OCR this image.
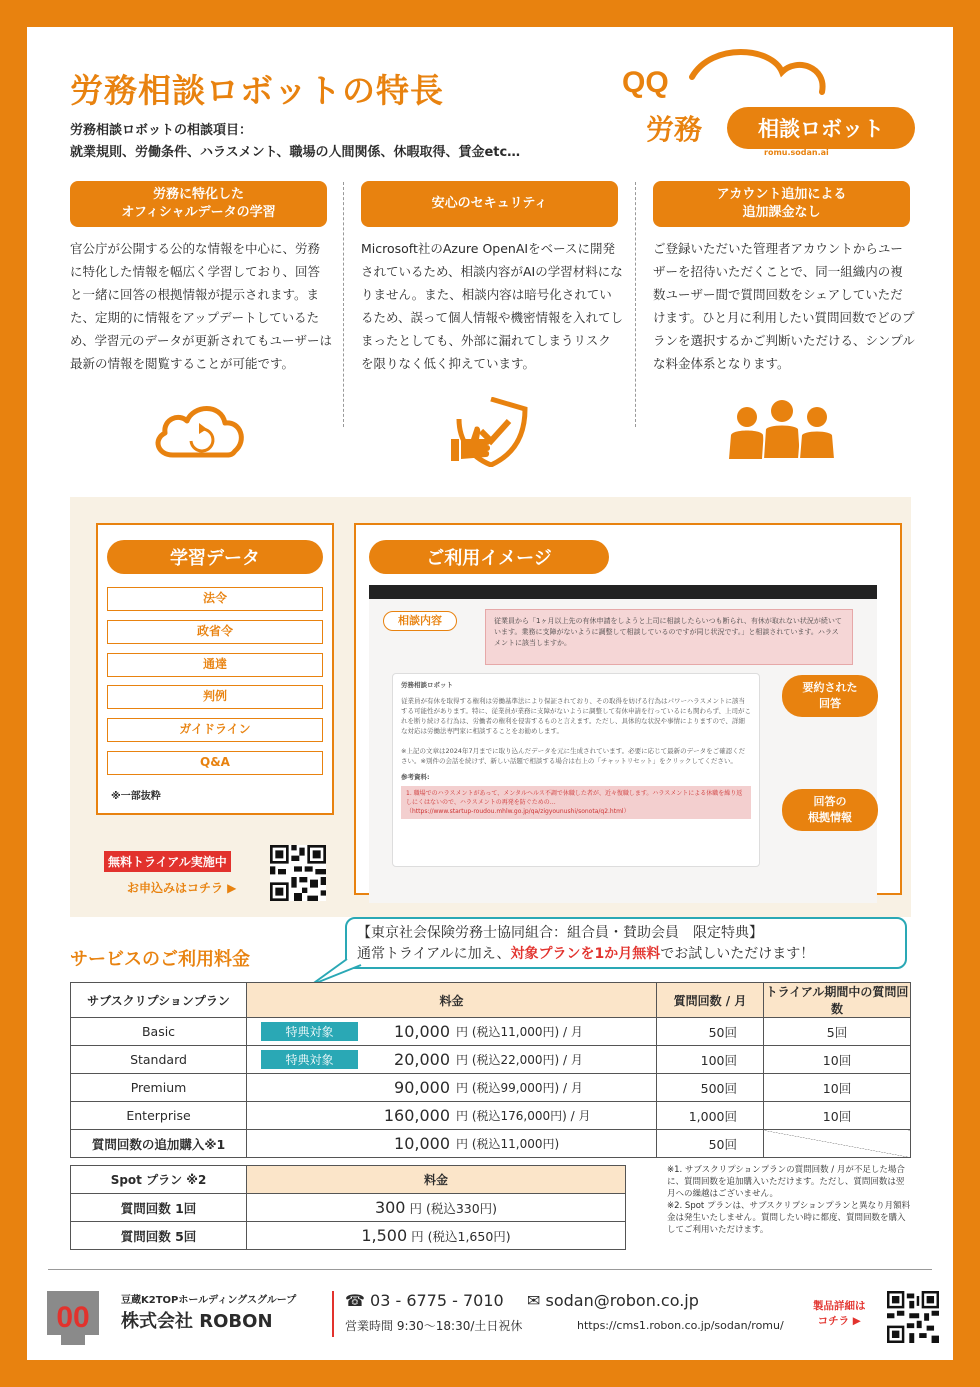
労務相談ロボットの特長
労務相談ロボットの相談項目：
就業規則、労働条件、ハラスメント、職場の人間関係、休暇取得、賃金etc…
QQ
労務	相談ロボット
romu.sodan.ai
労務に特化した
オフィシャルデータの学習
官公庁が公開する公的な情報を中心に、労務に特化した情報を幅広く学習しており、回答と一緒に回答の根拠情報が提示されます。また、定期的に情報をアップデートしているため、学習元のデータが更新されてもユーザーは最新の情報を閲覧することが可能です。
安心のセキュリティ
Microsoft社のAzure OpenAIをベースに開発されているため、相談内容がAIの学習材料になりません。また、相談内容は暗号化されているため、誤って個人情報や機密情報を入れてしまったとしても、外部に漏れてしまうリスクを限りなく低く抑えています。
アカウント追加による
追加課金なし
ご登録いただいた管理者アカウントからユーザーを招待いただくことで、同一組織内の複数ユーザー間で質問回数をシェアしていただけます。ひと月に利用したい質問回数でどのプランを選択するかご判断いただける、シンプルな料金体系となります。
学習データ
法令
政省令
通達
判例
ガイドライン
Q&A
※一部抜粋
無料トライアル実施中
お申込みはコチラ ▶
ご利用イメージ
相談内容	従業員から「1ヶ月以上先の有休申請をしようと上司に相談したらいつも断られ、有休が取れない状況が続いています。業務に支障がないように調整して相談しているのですが同じ状況です。」と相談されています。ハラスメントに該当しますか。
労務相談ロボット
従業員が有休を取得する権利は労働基準法により保証されており、その取得を妨げる行為はパワーハラスメントに該当する可能性があります。特に、従業員が業務に支障がないように調整して有休申請を行っているにも関わらず、上司がこれを断り続ける行為は、労働者の権利を侵害するものと言えます。ただし、具体的な状況や事情によりますので、詳細な対応は労働法専門家に相談することをお勧めします。
※上記の文章は2024年7月までに取り込んだデータを元に生成されています。必要に応じて最新のデータをご確認ください。※別件の会話を続けず、新しい話題で相談する場合は右上の「チャットリセット」をクリックしてください。
参考資料:
1. 職場でのハラスメントがあって、メンタルヘルス不調で休職した者が、近々復職します。ハラスメントによる休職を繰り返しにくはないので、ハラスメントの再発を防ぐための…
（https://www.startup-roudou.mhlw.go.jp/qa/zigyounushi/sonota/q2.html）
要約された
回答
回答の
根拠情報
サービスのご利用料金
【東京社会保険労務士協同組合：組合員・賛助会員　限定特典】
通常トライアルに加え、対象プランを1か月無料でお試しいただけます！
サブスクリプションプラン	料金	質問回数 / 月	トライアル期間中の質問回数
Basic	特典対象 10,000 円 (税込11,000円) / 月	50回	5回
Standard	特典対象 20,000 円 (税込22,000円) / 月	100回	10回
Premium	90,000 円 (税込99,000円) / 月	500回	10回
Enterprise	160,000 円 (税込176,000円) / 月	1,000回	10回
質問回数の追加購入※1	10,000 円 (税込11,000円)	50回	
Spot プラン ※2	料金
質問回数 1回	300 円 (税込330円)
質問回数 5回	1,500 円 (税込1,650円)
※1. サブスクリプションプランの質問回数 / 月が不足した場合に、質問回数を追加購入いただけます。ただし、質問回数は翌月への繰越はございません。
※2. Spot プランは、サブスクリプションプランと異なり月額料金は発生いたしません。質問したい時に都度、質問回数を購入してご利用いただけます。
00
豆蔵K2TOPホールディングスグループ
株式会社 ROBON
☎ 03 - 6775 - 7010 ✉ sodan@robon.co.jp
営業時間 9:30〜18:30/土日祝休	https://cms1.robon.co.jp/sodan/romu/
製品詳細は
コチラ ▶
